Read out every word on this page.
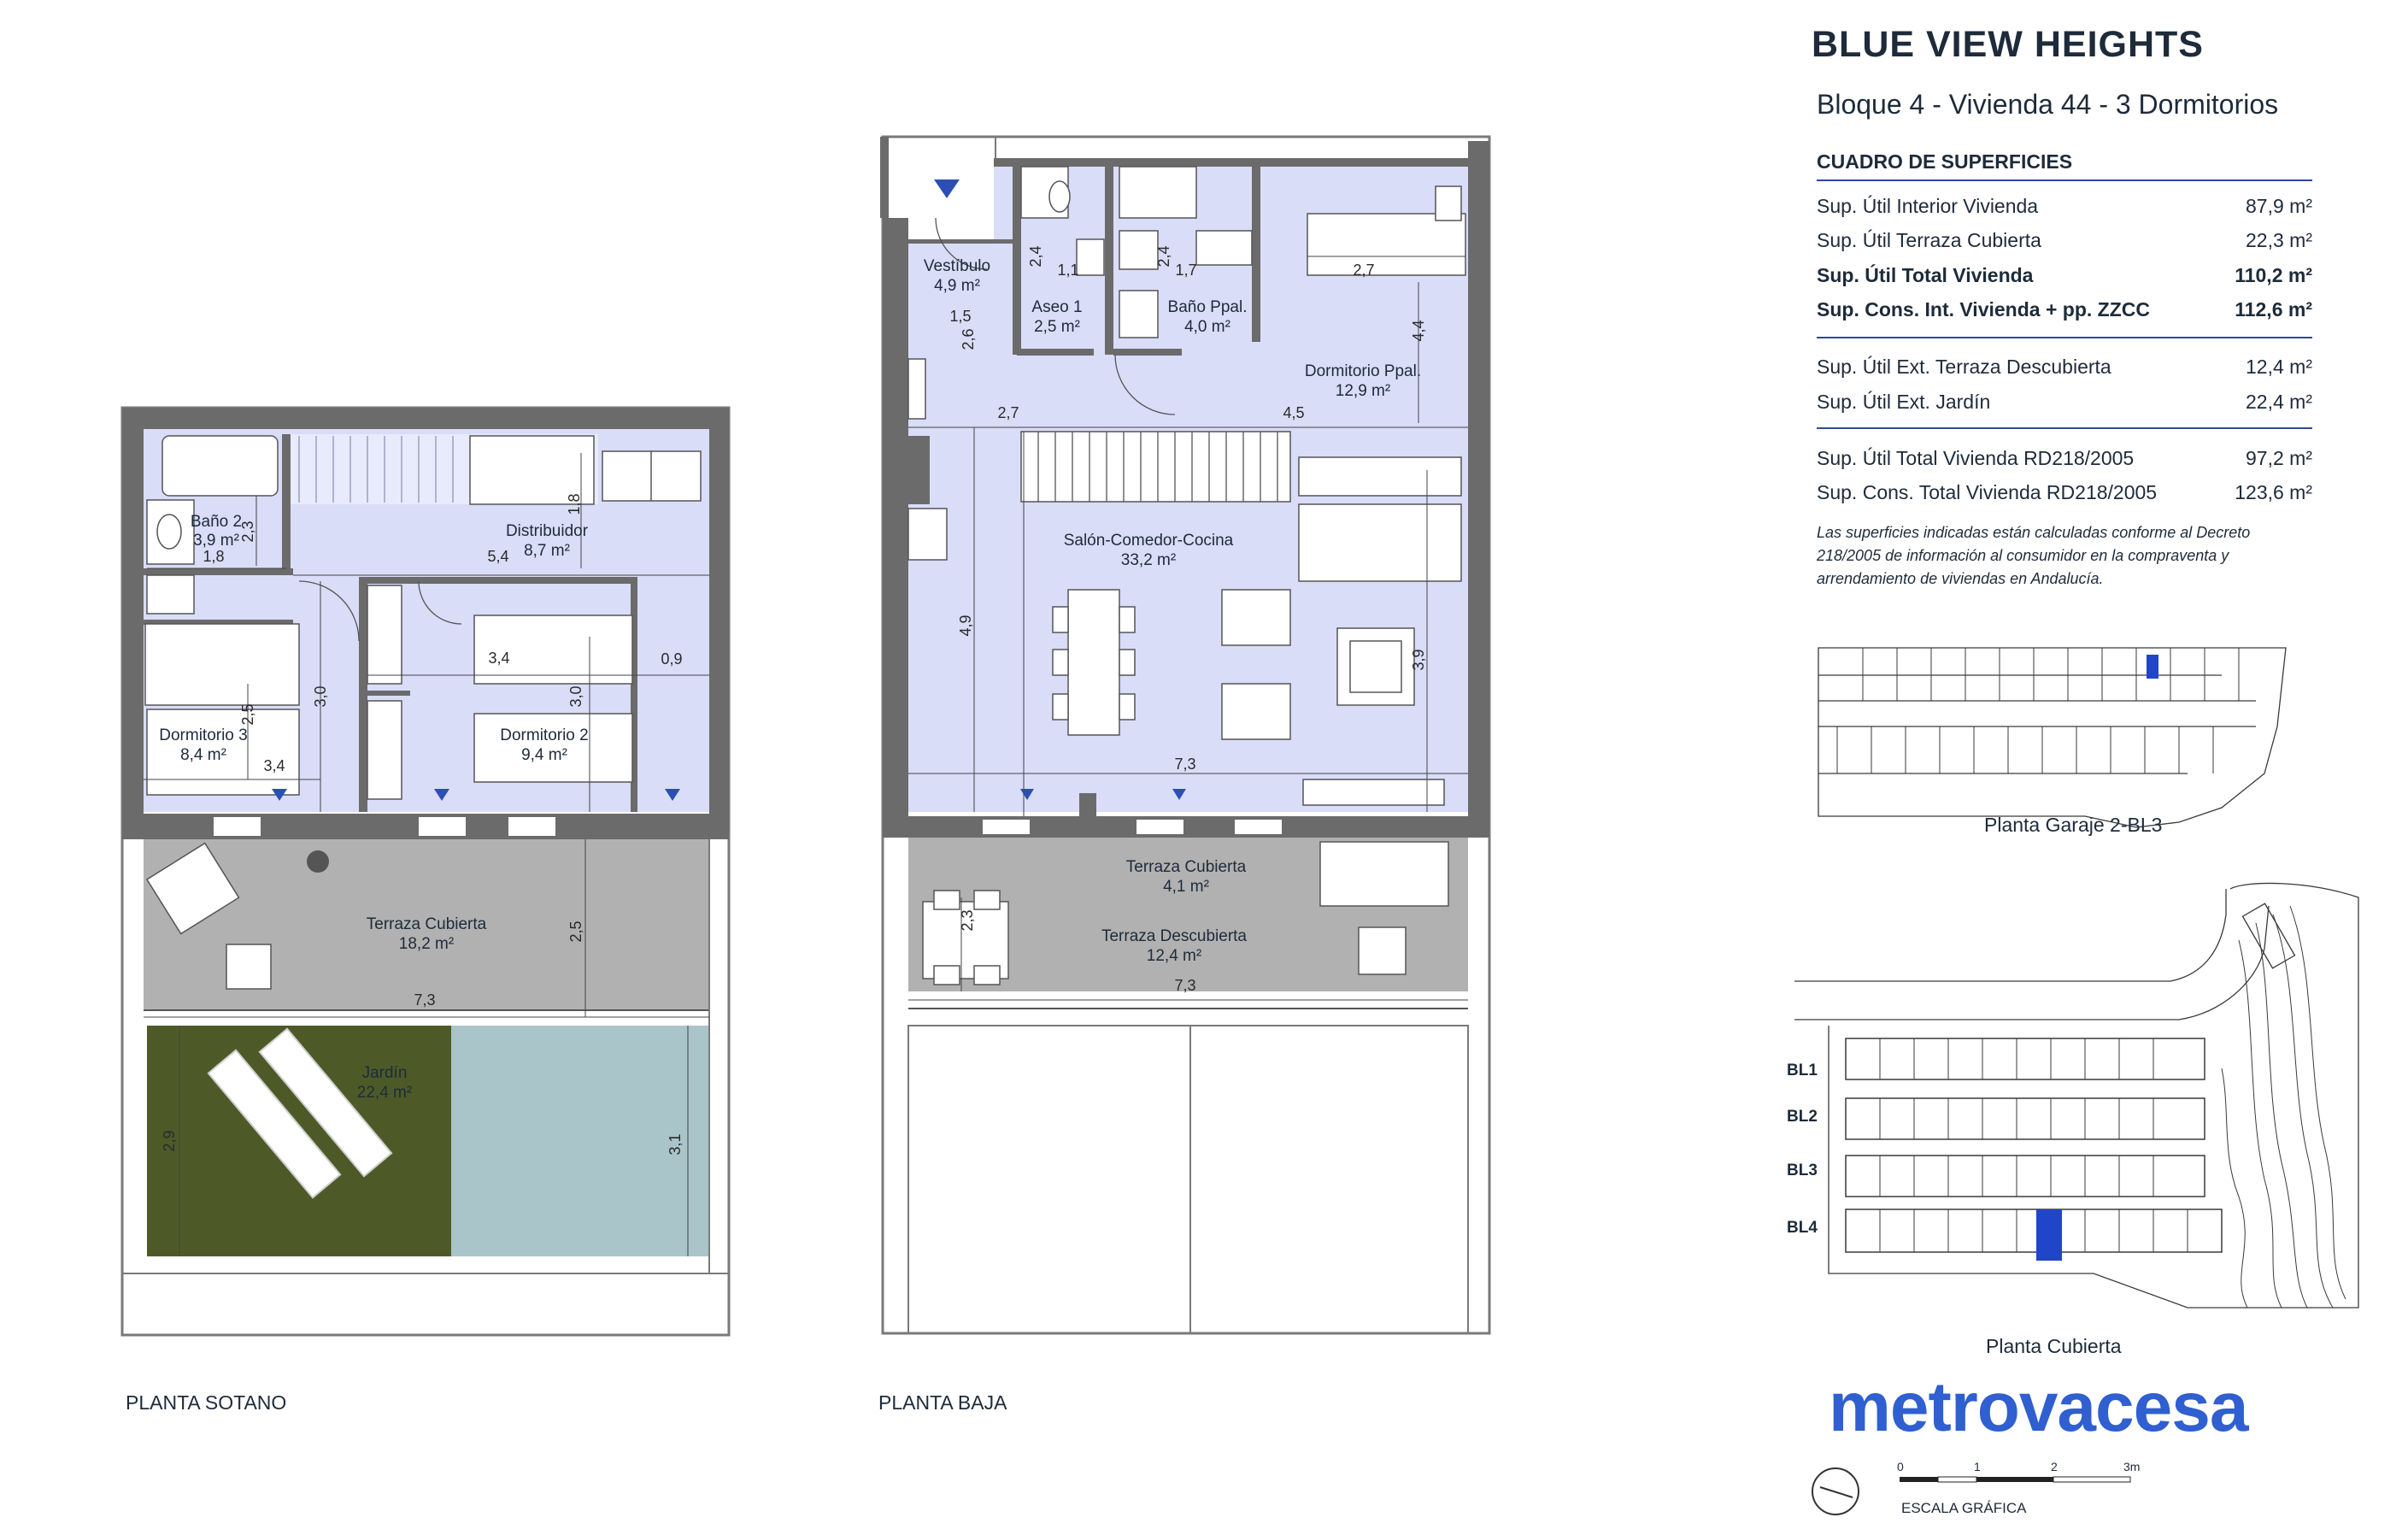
Baño 2
3,9 m²
Distribuidor
8,7 m²
Dormitorio 3
8,4 m²
Dormitorio 2
9,4 m²
Terraza Cubierta
18,2 m²
Jardín
22,4 m²
2,3
1,8	5,4
1,8
3,0
3,4
3,0
0,9
2,5
3,4
2,5
7,3
2,9	3,1
Vestíbulo
4,9 m²
Aseo 1
2,5 m²
Baño Ppal.
4,0 m²
Dormitorio Ppal.
12,9 m²
Salón-Comedor-Cocina
33,2 m²
Terraza Cubierta
4,1 m²
Terraza Descubierta
12,4 m²
2,4
1,1
2,4
1,7	2,7
1,5
2,6	4,4
2,7	4,5
4,9
3,9
7,3
2,3
7,3
BL1
BL2
BL3
BL4
PLANTA SOTANO	PLANTA BAJA
BLUE VIEW HEIGHTS
Bloque 4 - Vivienda 44 - 3 Dormitorios
CUADRO DE SUPERFICIES
Sup. Útil Interior Vivienda	87,9 m²
Sup. Útil Terraza Cubierta	22,3 m²
Sup. Útil Total Vivienda	110,2 m²
Sup. Cons. Int. Vivienda + pp. ZZCC	112,6 m²
Sup. Útil Ext. Terraza Descubierta	12,4 m²
Sup. Útil Ext. Jardín	22,4 m²
Sup. Útil Total Vivienda RD218/2005	97,2 m²
Sup. Cons. Total Vivienda RD218/2005	123,6 m²
Las superficies indicadas están calculadas conforme al Decreto 218/2005 de información al consumidor en la compraventa y arrendamiento de viviendas en Andalucía.
Planta Garaje 2-BL3
Planta Cubierta
metrovacesa
0	1	2	3m
ESCALA GRÁFICA
